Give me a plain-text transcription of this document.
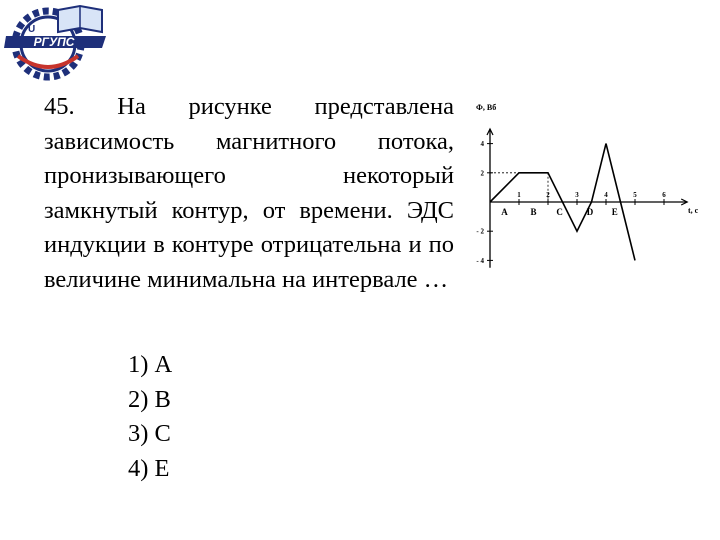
РГУПС
U

45. На рисунке представлена зависимость магнитного потока, пронизывающего некоторый замкнутый контур, от времени. ЭДС индукции в контуре отрицательна и по величине минимальна на интервале …

1) А
2) В
3) С
4) Е
1	2	3	4	5	6
4
2
- 2
- 4
A	B C	D E
Ф, Вб
t, с
